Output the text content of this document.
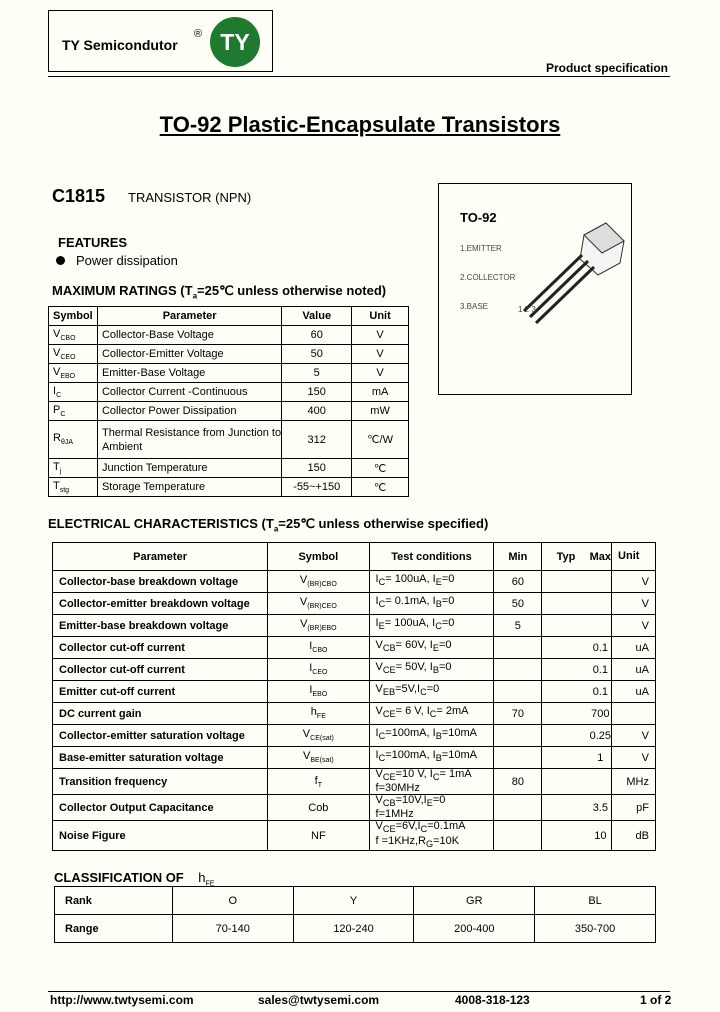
TY Semicondutor
® TY
Product specification
TO-92 Plastic-Encapsulate Transistors
C1815 TRANSISTOR (NPN)
TO-92
1.EMITTER
2.COLLECTOR
3.BASE	1 2 3
FEATURES
Power dissipation
MAXIMUM RATINGS ($T_a=25℃$ unless otherwise noted)
Symbol	Parameter	Value	Unit
$V_{CBO}$	Collector-Base Voltage	60	V
$V_{CEO}$	Collector-Emitter Voltage	50	V
$V_{EBO}$	Emitter-Base Voltage	5	V
$I_C$	Collector Current -Continuous	150	mA
$P_C$	Collector Power Dissipation	400	mW
$R_{\theta JA}$	Thermal Resistance from Junction to Ambient	312	℃/W
$T_j$	Junction Temperature	150	℃
$T_{stg}$	Storage Temperature	-55~+150	℃
ELECTRICAL CHARACTERISTICS ($T_a=25℃$ unless otherwise specified)
Parameter	Symbol	Test conditions	Min	Typ	Max	Unit
Collector-base breakdown voltage	$V_{(BR)CBO}$	$I_C= 100uA$, $I_E=0$	60			V
Collector-emitter breakdown voltage	$V_{(BR)CEO}$	$I_C= 0.1mA$, $I_B=0$	50			V
Emitter-base breakdown voltage	$V_{(BR)EBO}$	$I_E= 100uA$, $I_C=0$	5			V
Collector cut-off current	$I_{CBO}$	$V_{CB}= 60V$, $I_E=0$			0.1	uA
Collector cut-off current	$I_{CEO}$	$V_{CE}= 50V$, $I_B=0$			0.1	uA
Emitter cut-off current	$I_{EBO}$	$V_{EB}=5V,I_C=0$			0.1	uA
DC current gain	$h_{FE}$	$V_{CE}= 6$ V, $I_C= 2mA$	70		700	
Collector-emitter saturation voltage	$V_{CE(sat)}$	$I_C=100mA$, $I_B=10mA$			0.25	V
Base-emitter saturation voltage	$V_{BE(sat)}$	$I_C=100mA$, $I_B=10mA$			1	V
Transition frequency	$f_T$	$V_{CE}=10$ V, $I_C= 1mA$
f=30MHz	80			MHz
Collector Output Capacitance	Cob	$V_{CB}=10V,I_E=0$
f=1MHz			3.5	pF
Noise Figure	NF	$V_{CE}=6V,I_C=0.1mA$
$f =1KHz,R_G=10K$			10	dB
CLASSIFICATION OF $h_{FE}$
Rank	O	Y	GR	BL
Range	70-140	120-240	200-400	350-700
http://www.twtysemi.com	sales@twtysemi.com	4008-318-123	1 of 2
